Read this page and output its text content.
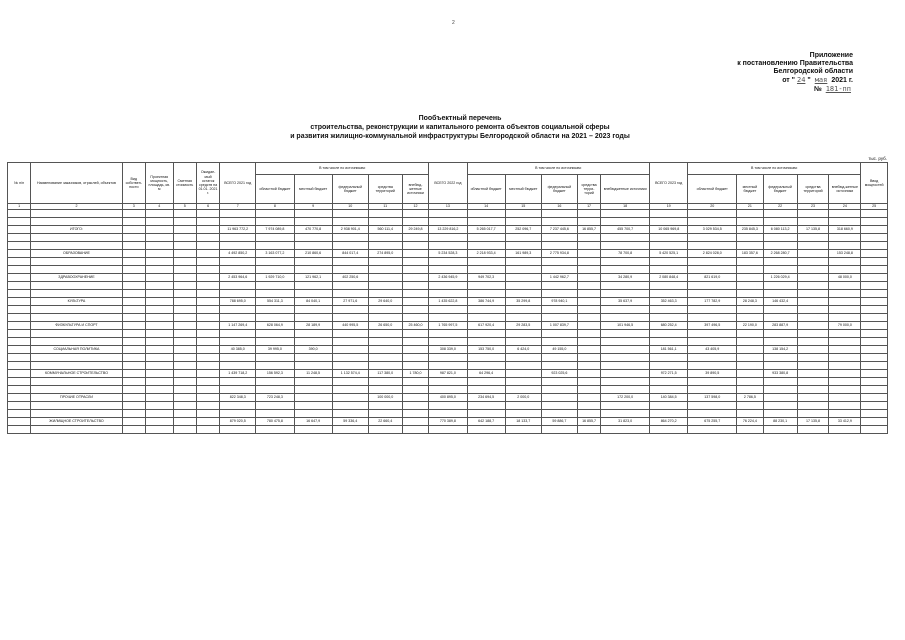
2
Приложение
к постановлению Правительства
Белгородской области
от " 24 " мая 2021 г.
№ 181-пп
Пообъектный перечень
строительства, реконструкции и капитального ремонта объектов социальной сферы
и развития жилищно-коммунальной инфраструктуры Белгородской области на 2021 – 2023 годы
тыс. руб.
№ п/п	Наименование заказчиков, отраслей, объектов	Вид собствен-ности	Проектная мощность, площадь, кв. м	Сметная стоимость	Ожидае-мый остаток средств на 01.01. 2021 г.	ВСЕГО 2021 год	В том числе по источникам:					ВСЕГО 2022 год	В том числе по источникам:					ВСЕГО 2023 год	В том числе по источникам:					Ввод мощностей
							областной бюджет	местный бюджет	федеральный бюджет	средства территорий	внебюд-жетные источники		областной бюджет	местный бюджет	федеральный бюджет	средства терри-торий	внебюджетные источники		областной бюджет	местный бюджет	федеральный бюджет	средства территорий	внебюд-жетные источники	
1	2	3	4	5	6	7	8	9	10	11	12	13	14	15	16	17	18	19	20	21	22	23	24	25

	ИТОГО:					11 963 772,2	7 974 089,8	470 770,8	2 938 901,4	560 111,4	29 249,8	13 229 816,2	5 265 017,7	252 096,7	7 237 445,6	16 855,7	455 700,7	10 065 969,8	3 029 534,5	235 845,3	6 080 113,2	17 135,8	318 660,9	

	ОБРАЗОВАНИЕ					4 492 850,2	3 163 077,2	210 860,6	844 017,4	274 895,0		5 234 528,3	2 218 933,4	161 989,3	2 775 934,8		78 700,8	5 420 525,1	2 824 028,0	183 357,6	2 268 280,7		153 248,8	

	ЗДРАВООХРАНЕНИЕ					2 453 964,6	1 929 710,0	121 962,1	402 250,6			2 436 945,9	949 702,3		1 442 962,7		34 280,9	2 080 848,4	821 619,0		1 226 029,4		48 000,0	

	КУЛЬТУРА					788 695,0	554 311,3	84 040,1	27 971,6	29 640,0		1 435 622,8	386 744,9	35 299,8	978 940,1		35 637,9	352 463,3	177 782,9	28 248,3	146 432,4			

	ФИЗКУЛЬТУРА И СПОРТ					1 147 269,4	628 064,9	28 189,9	440 995,5	26 650,0	25 460,0	1 765 997,5	617 920,4	29 283,5	1 007 839,7		101 946,5	680 252,4	397 496,5	22 190,0	283 887,9		79 000,0	

	СОЦИАЛЬНАЯ ПОЛИТИКА					40 385,0	39 995,0	390,0				308 339,0	153 750,0	6 424,0	49 155,0			181 561,1	43 405,9		138 154,2			

	КОММУНАЛЬНОЕ СТРОИТЕЛЬСТВО					1 439 718,2	156 592,3	11 248,5	1 132 574,4	117 380,0	1 780,0	987 821,0	64 296,4		923 025,6			972 271,5	39 890,5		933 380,8			

	ПРОЧИЕ ОТРАСЛИ					822 348,3	723 248,3			100 000,0		400 895,0	234 694,5	2 000,0			172 200,0	140 384,5	137 598,0	2 786,5				

	ЖИЛИЩНОЕ СТРОИТЕЛЬСТВО					879 020,5	780 475,8	16 647,9	59 336,4	22 660,4		770 389,8	642 188,7	18 133,7	59 886,7	16 855,7	31 823,0	864 270,2	675 255,7	76 224,4	88 230,1	17 135,8	33 412,9	
